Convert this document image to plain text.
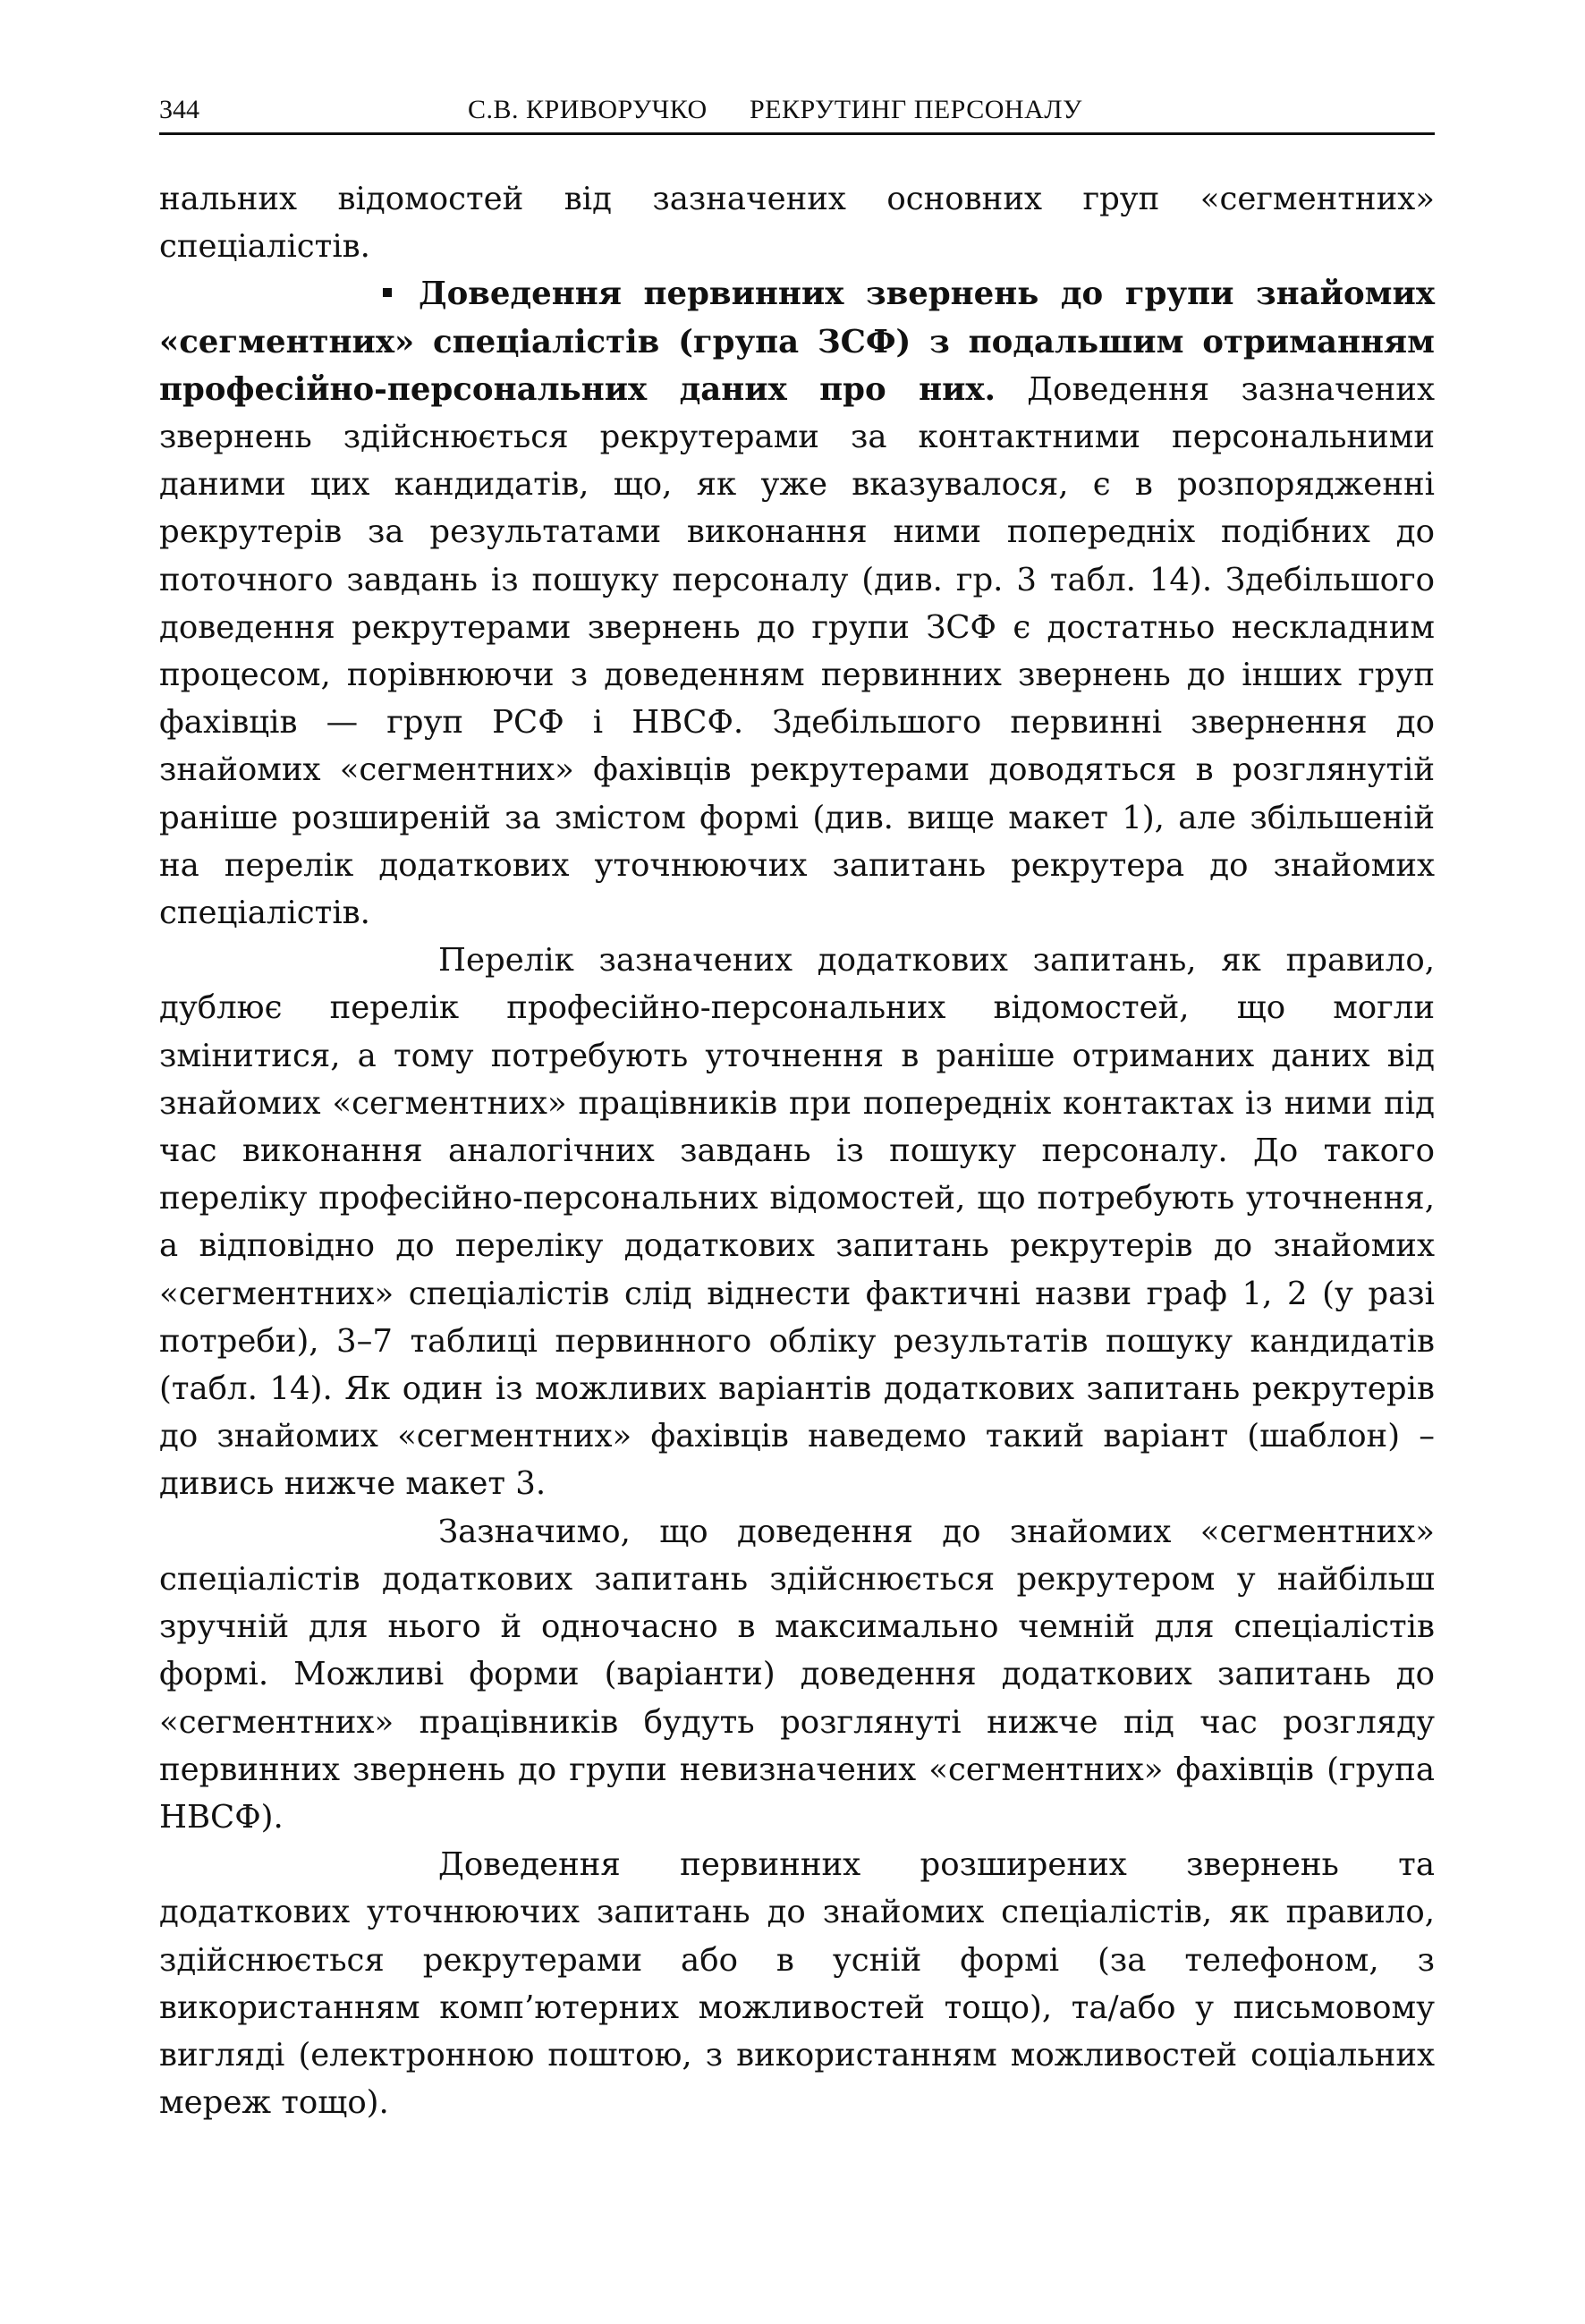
344	С.В. КРИВОРУЧКО РЕКРУТИНГ ПЕРСОНАЛУ

нальних відомостей від зазначених основних груп «сегментних» спеціалістів.

Доведення первинних звернень до групи знайомих «сегментних» спеціалістів (група ЗСФ) з подальшим отриманням професійно-персональних даних про них. Доведення зазначених звернень здійснюється рекрутерами за контактними персональними даними цих кандидатів, що, як уже вказувалося, є в розпорядженні рекрутерів за результатами виконання ними попередніх подібних до поточного завдань із пошуку персоналу (див. гр. 3 табл. 14). Здебільшого доведення рекрутерами звернень до групи ЗСФ є достатньо нескладним процесом, порівнюючи з доведенням первинних звернень до інших груп фахівців — груп РСФ і НВСФ. Здебільшого первинні звернення до знайомих «сегментних» фахівців рекрутерами доводяться в розглянутій раніше розширеній за змістом формі (див. вище макет 1), але збільшеній на перелік додаткових уточнюючих запитань рекрутера до знайомих спеціалістів.

Перелік зазначених додаткових запитань, як правило, дублює перелік професійно-персональних відомостей, що могли змінитися, а тому потребують уточнення в раніше отриманих даних від знайомих «сегментних» працівників при попередніх контактах із ними під час виконання аналогічних завдань із пошуку персоналу. До такого переліку професійно-персональних відомостей, що потребують уточнення, а відповідно до переліку додаткових запитань рекрутерів до знайомих «сегментних» спеціалістів слід віднести фактичні назви граф 1, 2 (у разі потреби), 3–7 таблиці первинного обліку результатів пошуку кандидатів (табл. 14). Як один із можливих варіантів додаткових запитань рекрутерів до знайомих «сегментних» фахівців наведемо такий варіант (шаблон) – дивись нижче макет 3.

Зазначимо, що доведення до знайомих «сегментних» спеціалістів додаткових запитань здійснюється рекрутером у найбільш зручній для нього й одночасно в максимально чемній для спеціалістів формі. Можливі форми (варіанти) доведення додаткових запитань до «сегментних» працівників будуть розглянуті нижче під час розгляду первинних звернень до групи невизначених «сегментних» фахівців (група НВСФ).

Доведення первинних розширених звернень та додаткових уточнюючих запитань до знайомих спеціалістів, як правило, здійснюється рекрутерами або в усній формі (за телефоном, з використанням комп’ютерних можливостей тощо), та/або у письмовому вигляді (електронною поштою, з використанням можливостей соціальних мереж тощо).
